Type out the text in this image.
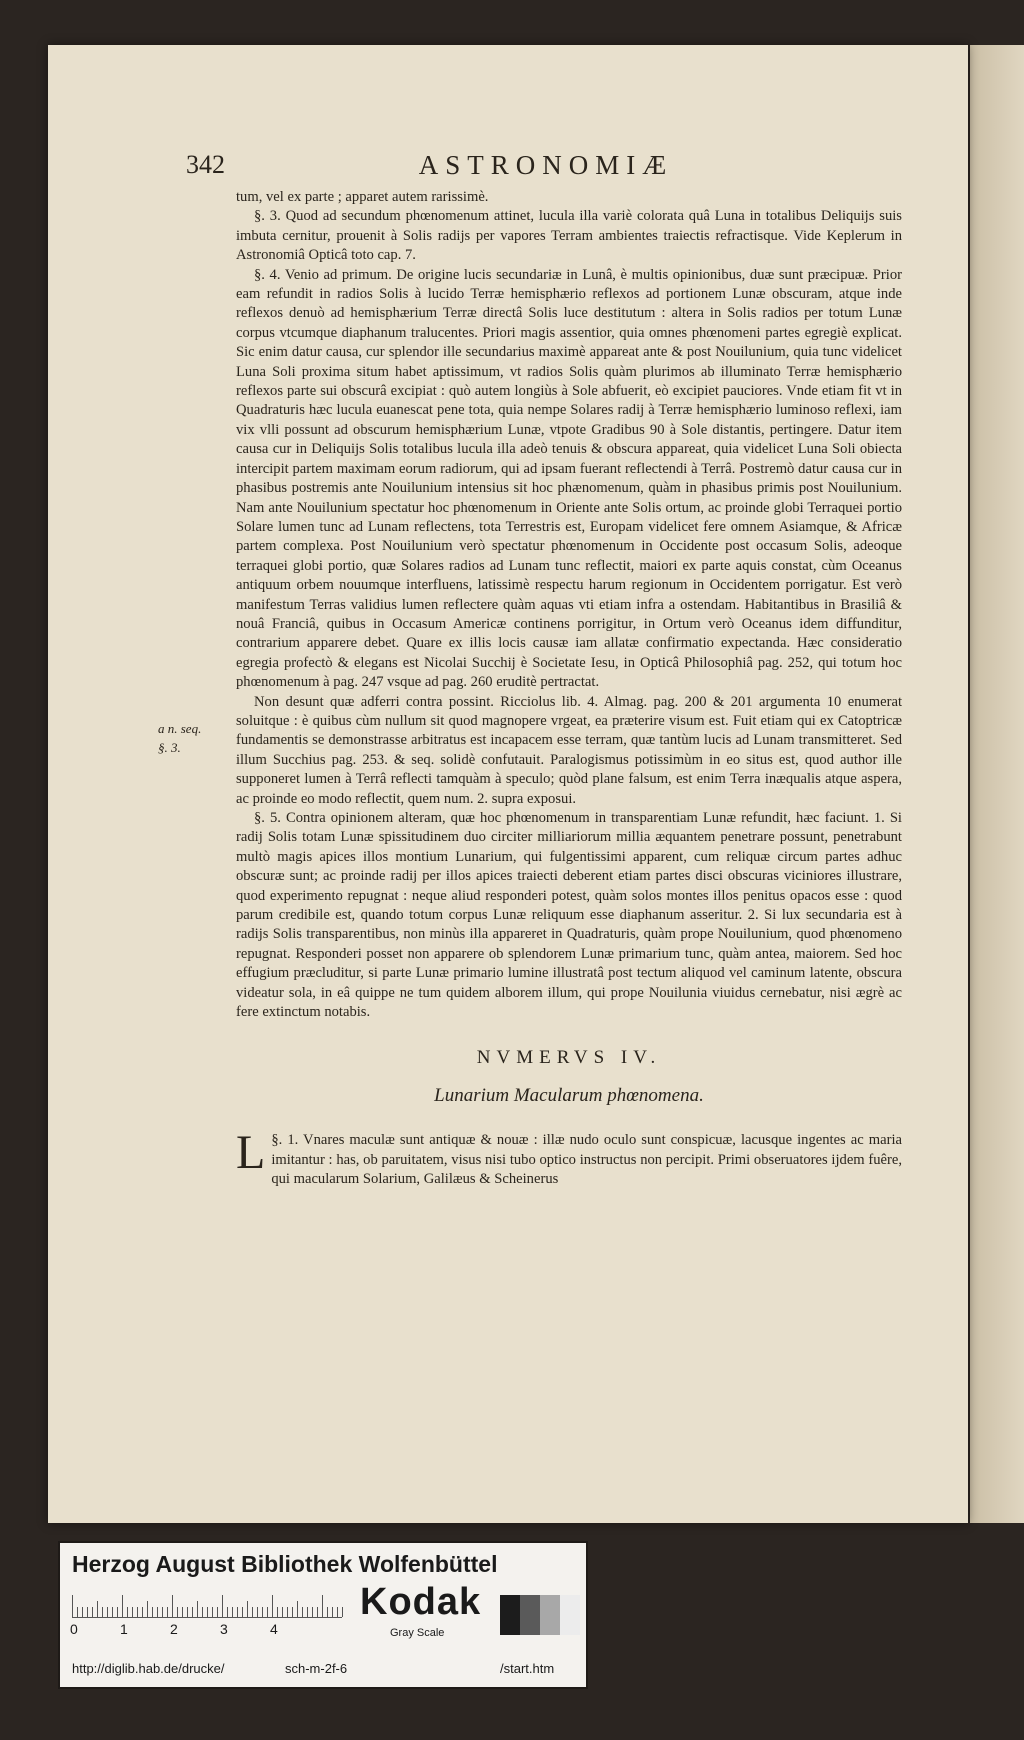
342	ASTRONOMIÆ
a n. seq.
§. 3.

tum, vel ex parte ; apparet autem rarissimè.

§. 3. Quod ad secundum phœnomenum attinet, lucula illa variè colorata quâ Luna in totalibus Deliquijs suis imbuta cernitur, prouenit à Solis radijs per vapores Terram ambientes traiectis refractisque. Vide Keplerum in Astronomiâ Opticâ toto cap. 7.

§. 4. Venio ad primum. De origine lucis secundariæ in Lunâ, è multis opinionibus, duæ sunt præcipuæ. Prior eam refundit in radios Solis à lucido Terræ hemisphærio reflexos ad portionem Lunæ obscuram, atque inde reflexos denuò ad hemisphærium Terræ directâ Solis luce destitutum : altera in Solis radios per totum Lunæ corpus vtcumque diaphanum tralucentes. Priori magis assentior, quia omnes phœnomeni partes egregiè explicat. Sic enim datur causa, cur splendor ille secundarius maximè appareat ante & post Nouilunium, quia tunc videlicet Luna Soli proxima situm habet aptissimum, vt radios Solis quàm plurimos ab illuminato Terræ hemisphærio reflexos parte sui obscurâ excipiat : quò autem longiùs à Sole abfuerit, eò excipiet pauciores. Vnde etiam fit vt in Quadraturis hæc lucula euanescat pene tota, quia nempe Solares radij à Terræ hemisphærio luminoso reflexi, iam vix vlli possunt ad obscurum hemisphærium Lunæ, vtpote Gradibus 90 à Sole distantis, pertingere. Datur item causa cur in Deliquijs Solis totalibus lucula illa adeò tenuis & obscura appareat, quia videlicet Luna Soli obiecta intercipit partem maximam eorum radiorum, qui ad ipsam fuerant reflectendi à Terrâ. Postremò datur causa cur in phasibus postremis ante Nouilunium intensius sit hoc phænomenum, quàm in phasibus primis post Nouilunium. Nam ante Nouilunium spectatur hoc phœnomenum in Oriente ante Solis ortum, ac proinde globi Terraquei portio Solare lumen tunc ad Lunam reflectens, tota Terrestris est, Europam videlicet fere omnem Asiamque, & Africæ partem complexa. Post Nouilunium verò spectatur phœnomenum in Occidente post occasum Solis, adeoque terraquei globi portio, quæ Solares radios ad Lunam tunc reflectit, maiori ex parte aquis constat, cùm Oceanus antiquum orbem nouumque interfluens, latissimè respectu harum regionum in Occidentem porrigatur. Est verò manifestum Terras validius lumen reflectere quàm aquas vti etiam infra a ostendam. Habitantibus in Brasiliâ & nouâ Franciâ, quibus in Occasum Americæ continens porrigitur, in Ortum verò Oceanus idem diffunditur, contrarium apparere debet. Quare ex illis locis causæ iam allatæ confirmatio expectanda. Hæc consideratio egregia profectò & elegans est Nicolai Succhij è Societate Iesu, in Opticâ Philosophiâ pag. 252, qui totum hoc phœnomenum à pag. 247 vsque ad pag. 260 eruditè pertractat.

Non desunt quæ adferri contra possint. Ricciolus lib. 4. Almag. pag. 200 & 201 argumenta 10 enumerat soluitque : è quibus cùm nullum sit quod magnopere vrgeat, ea præterire visum est. Fuit etiam qui ex Catoptricæ fundamentis se demonstrasse arbitratus est incapacem esse terram, quæ tantùm lucis ad Lunam transmitteret. Sed illum Succhius pag. 253. & seq. solidè confutauit. Paralogismus potissimùm in eo situs est, quod author ille supponeret lumen à Terrâ reflecti tamquàm à speculo; quòd plane falsum, est enim Terra inæqualis atque aspera, ac proinde eo modo reflectit, quem num. 2. supra exposui.

§. 5. Contra opinionem alteram, quæ hoc phœnomenum in transparentiam Lunæ refundit, hæc faciunt. 1. Si radij Solis totam Lunæ spissitudinem duo circiter milliariorum millia æquantem penetrare possunt, penetrabunt multò magis apices illos montium Lunarium, qui fulgentissimi apparent, cum reliquæ circum partes adhuc obscuræ sunt; ac proinde radij per illos apices traiecti deberent etiam partes disci obscuras viciniores illustrare, quod experimento repugnat : neque aliud responderi potest, quàm solos montes illos penitus opacos esse : quod parum credibile est, quando totum corpus Lunæ reliquum esse diaphanum asseritur. 2. Si lux secundaria est à radijs Solis transparentibus, non minùs illa appareret in Quadraturis, quàm prope Nouilunium, quod phœnomeno repugnat. Responderi posset non apparere ob splendorem Lunæ primarium tunc, quàm antea, maiorem. Sed hoc effugium præcluditur, si parte Lunæ primario lumine illustratâ post tectum aliquod vel caminum latente, obscura videatur sola, in eâ quippe ne tum quidem alborem illum, qui prope Nouilunia viuidus cernebatur, nisi ægrè ac fere extinctum notabis.

NVMERVS IV.
Lunarium Macularum phœnomena.

L §. 1. Vnares maculæ sunt antiquæ & nouæ : illæ nudo oculo sunt conspicuæ, lacusque ingentes ac maria imitantur : has, ob paruitatem, visus nisi tubo optico instructus non percipit. Primi obseruatores ijdem fuêre, qui macularum Solarium, Galilæus & Scheinerus

Herzog August Bibliothek Wolfenbüttel
0	1	2	3	4
Kodak
Gray Scale
http://diglib.hab.de/drucke/	sch-m-2f-6	/start.htm
